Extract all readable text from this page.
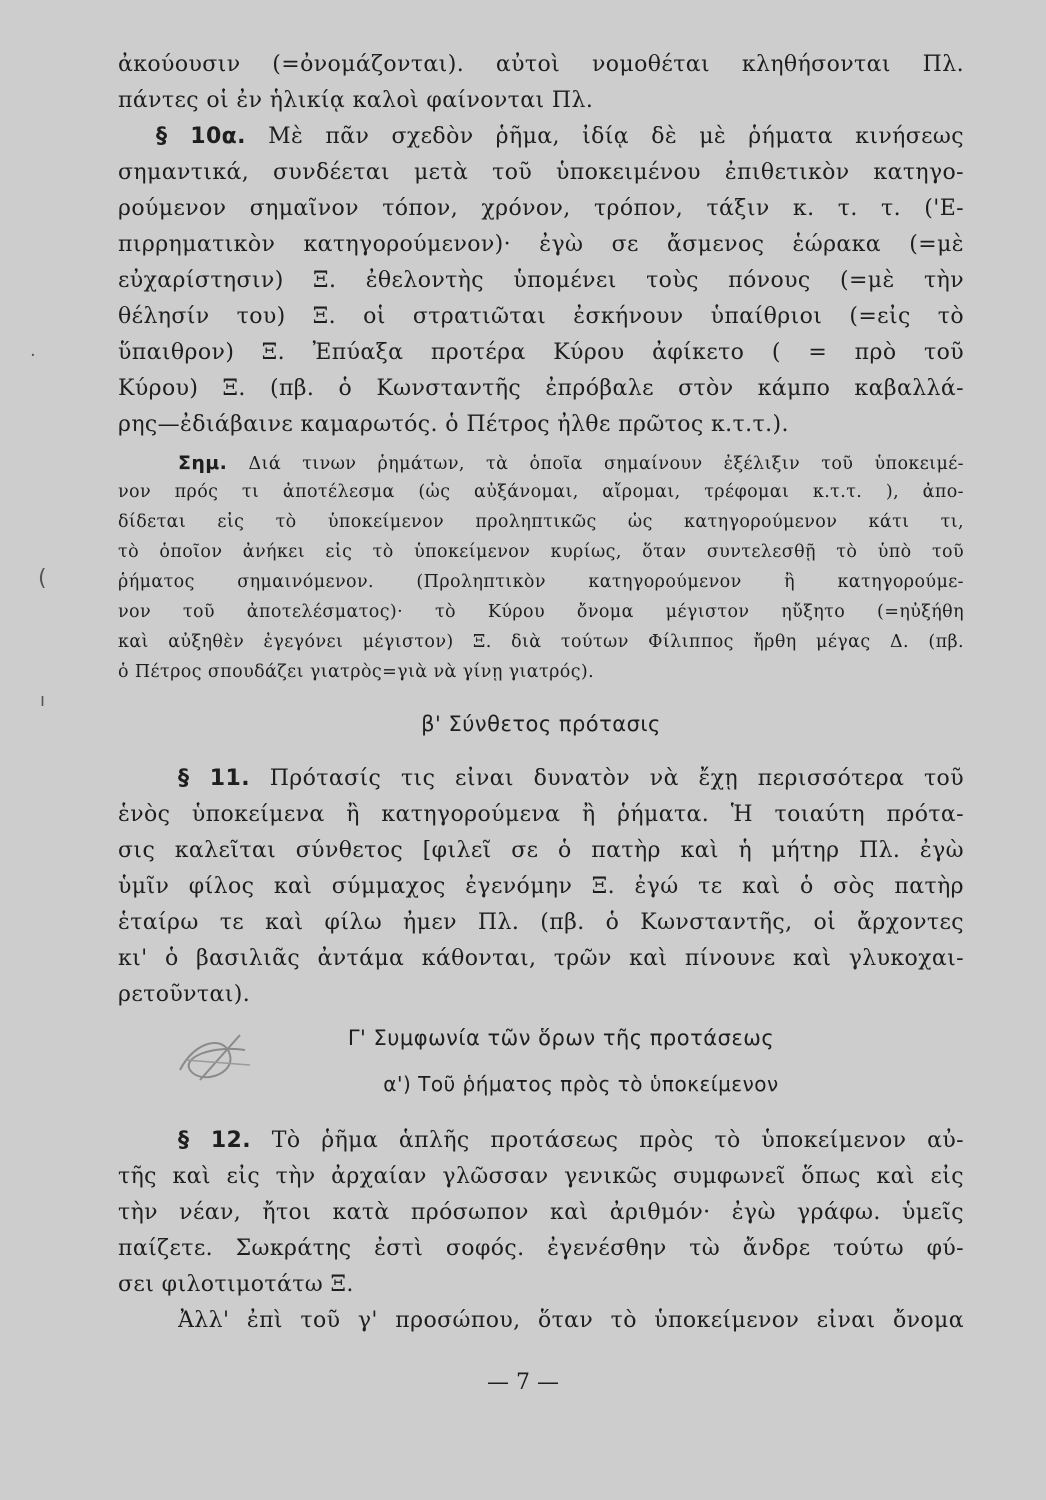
ἀκούουσιν (=ὀνομάζονται). αὐτοὶ νομοθέται κληθήσονται Πλ.
πάντες οἱ ἐν ἡλικίᾳ καλοὶ φαίνονται Πλ.
§ 10α. Μὲ πᾶν σχεδὸν ῥῆμα, ἰδίᾳ δὲ μὲ ῥήματα κινήσεως
σημαντικά, συνδέεται μετὰ τοῦ ὑποκειμένου ἐπιθετικὸν κατηγο-
ρούμενον σημαῖνον τόπον, χρόνον, τρόπον, τάξιν κ. τ. τ. ('Ε-
πιρρηματικὸν κατηγορούμενον)· ἐγὼ σε ἄσμενος ἑώρακα (=μὲ
εὐχαρίστησιν) Ξ. ἐθελοντὴς ὑπομένει τοὺς πόνους (=μὲ τὴν
θέλησίν του) Ξ. οἱ στρατιῶται ἐσκήνουν ὑπαίθριοι (=εἰς τὸ
ὕπαιθρον) Ξ. Ἐπύαξα προτέρα Κύρου ἀφίκετο ( = πρὸ τοῦ
Κύρου) Ξ. (πβ. ὁ Κωνσταντῆς ἐπρόβαλε στὸν κάμπο καβαλλά-
ρης—ἐδιάβαινε καμαρωτός. ὁ Πέτρος ἦλθε πρῶτος κ.τ.τ.).
Σημ. Διά τινων ῥημάτων, τὰ ὁποῖα σημαίνουν ἐξέλιξιν τοῦ ὑποκειμέ-
νον πρός τι ἀποτέλεσμα (ὡς αὐξάνομαι, αἴρομαι, τρέφομαι κ.τ.τ. ), ἀπο-
δίδεται εἰς τὸ ὑποκείμενον προληπτικῶς ὡς κατηγορούμενον κάτι τι,
τὸ ὁποῖον ἀνήκει εἰς τὸ ὑποκείμενον κυρίως, ὅταν συντελεσθῇ τὸ ὑπὸ τοῦ
ῥήματος σημαινόμενον. (Προληπτικὸν κατηγορούμενον ἢ κατηγορούμε-
νον τοῦ ἀποτελέσματος)· τὸ Κύρου ὄνομα μέγιστον ηὔξητο (=ηὐξήθη
καὶ αὐξηθὲν ἐγεγόνει μέγιστον) Ξ. διὰ τούτων Φίλιππος ἤρθη μέγας Δ. (πβ.
ὁ Πέτρος σπουδάζει γιατρὸς=γιὰ νὰ γίνῃ γιατρός).
β' Σύνθετος πρότασις
§ 11. Πρότασίς τις εἶναι δυνατὸν νὰ ἔχῃ περισσότερα τοῦ
ἑνὸς ὑποκείμενα ἢ κατηγορούμενα ἢ ῥήματα. Ἡ τοιαύτη πρότα-
σις καλεῖται σύνθετος [φιλεῖ σε ὁ πατὴρ καὶ ἡ μήτηρ Πλ. ἐγὼ
ὑμῖν φίλος καὶ σύμμαχος ἐγενόμην Ξ. ἐγώ τε καὶ ὁ σὸς πατὴρ
ἑταίρω τε καὶ φίλω ἦμεν Πλ. (πβ. ὁ Κωνσταντῆς, οἱ ἄρχοντες
κι' ὁ βασιλιᾶς ἀντάμα κάθονται, τρῶν καὶ πίνουνε καὶ γλυκοχαι-
ρετοῦνται).
Γ' Συμφωνία τῶν ὅρων τῆς προτάσεως
α') Τοῦ ῥήματος πρὸς τὸ ὑποκείμενον
§ 12. Τὸ ῥῆμα ἁπλῆς προτάσεως πρὸς τὸ ὑποκείμενον αὐ-
τῆς καὶ εἰς τὴν ἀρχαίαν γλῶσσαν γενικῶς συμφωνεῖ ὅπως καὶ εἰς
τὴν νέαν, ἤτοι κατὰ πρόσωπον καὶ ἀριθμόν· ἐγὼ γράφω. ὑμεῖς
παίζετε. Σωκράτης ἐστὶ σοφός. ἐγενέσθην τὼ ἄνδρε τούτω φύ-
σει φιλοτιμοτάτω Ξ.
Ἀλλ' ἐπὶ τοῦ γ' προσώπου, ὅταν τὸ ὑποκείμενον εἶναι ὄνομα
— 7 —
.
(
ı
